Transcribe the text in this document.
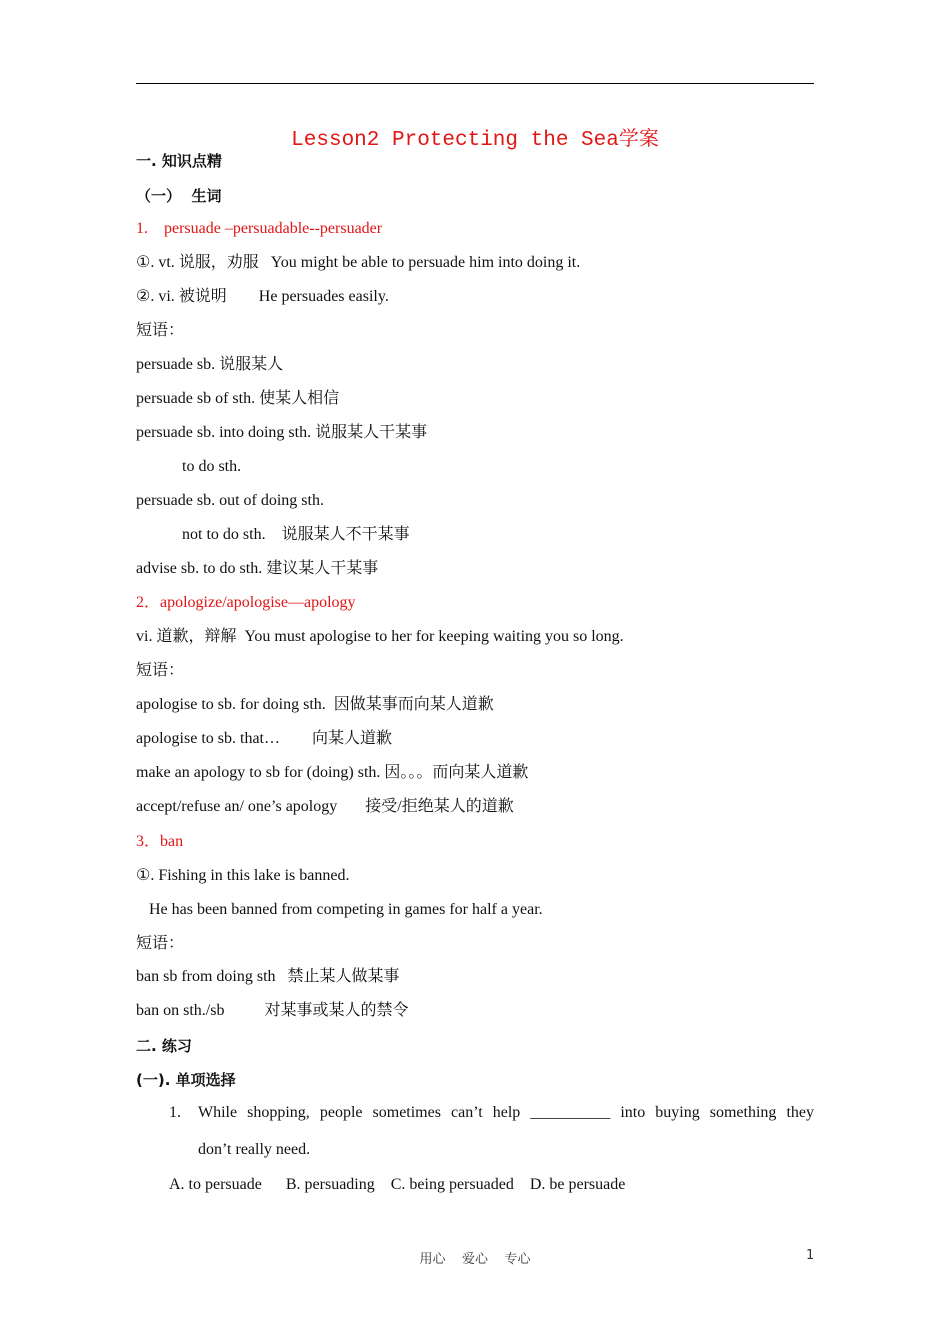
Lesson2 Protecting the Sea学案
一. 知识点精
（一）  生词
1.    persuade –persuadable--persuader
①. vt. 说服，劝服   You might be able to persuade him into doing it.
②. vi. 被说明        He persuades easily.
短语：
persuade sb. 说服某人
persuade sb of sth. 使某人相信
persuade sb. into doing sth. 说服某人干某事
to do sth.
persuade sb. out of doing sth.
not to do sth.    说服某人不干某事
advise sb. to do sth. 建议某人干某事
2．apologize/apologise—apology
vi. 道歉，辩解  You must apologise to her for keeping waiting you so long.
短语：
apologise to sb. for doing sth.  因做某事而向某人道歉
apologise to sb. that…        向某人道歉
make an apology to sb for (doing) sth. 因。。。而向某人道歉
accept/refuse an/ one’s apology       接受/拒绝某人的道歉
3．ban
①. Fishing in this lake is banned.
He has been banned from competing in games for half a year.
短语：
ban sb from doing sth   禁止某人做某事
ban on sth./sb          对某事或某人的禁令
二. 练习
(一). 单项选择
1. While shopping, people sometimes can’t help __________ into buying something they
don’t really need.
A. to persuade      B. persuading    C. being persuaded    D. be persuade
用心    爱心    专心	1
